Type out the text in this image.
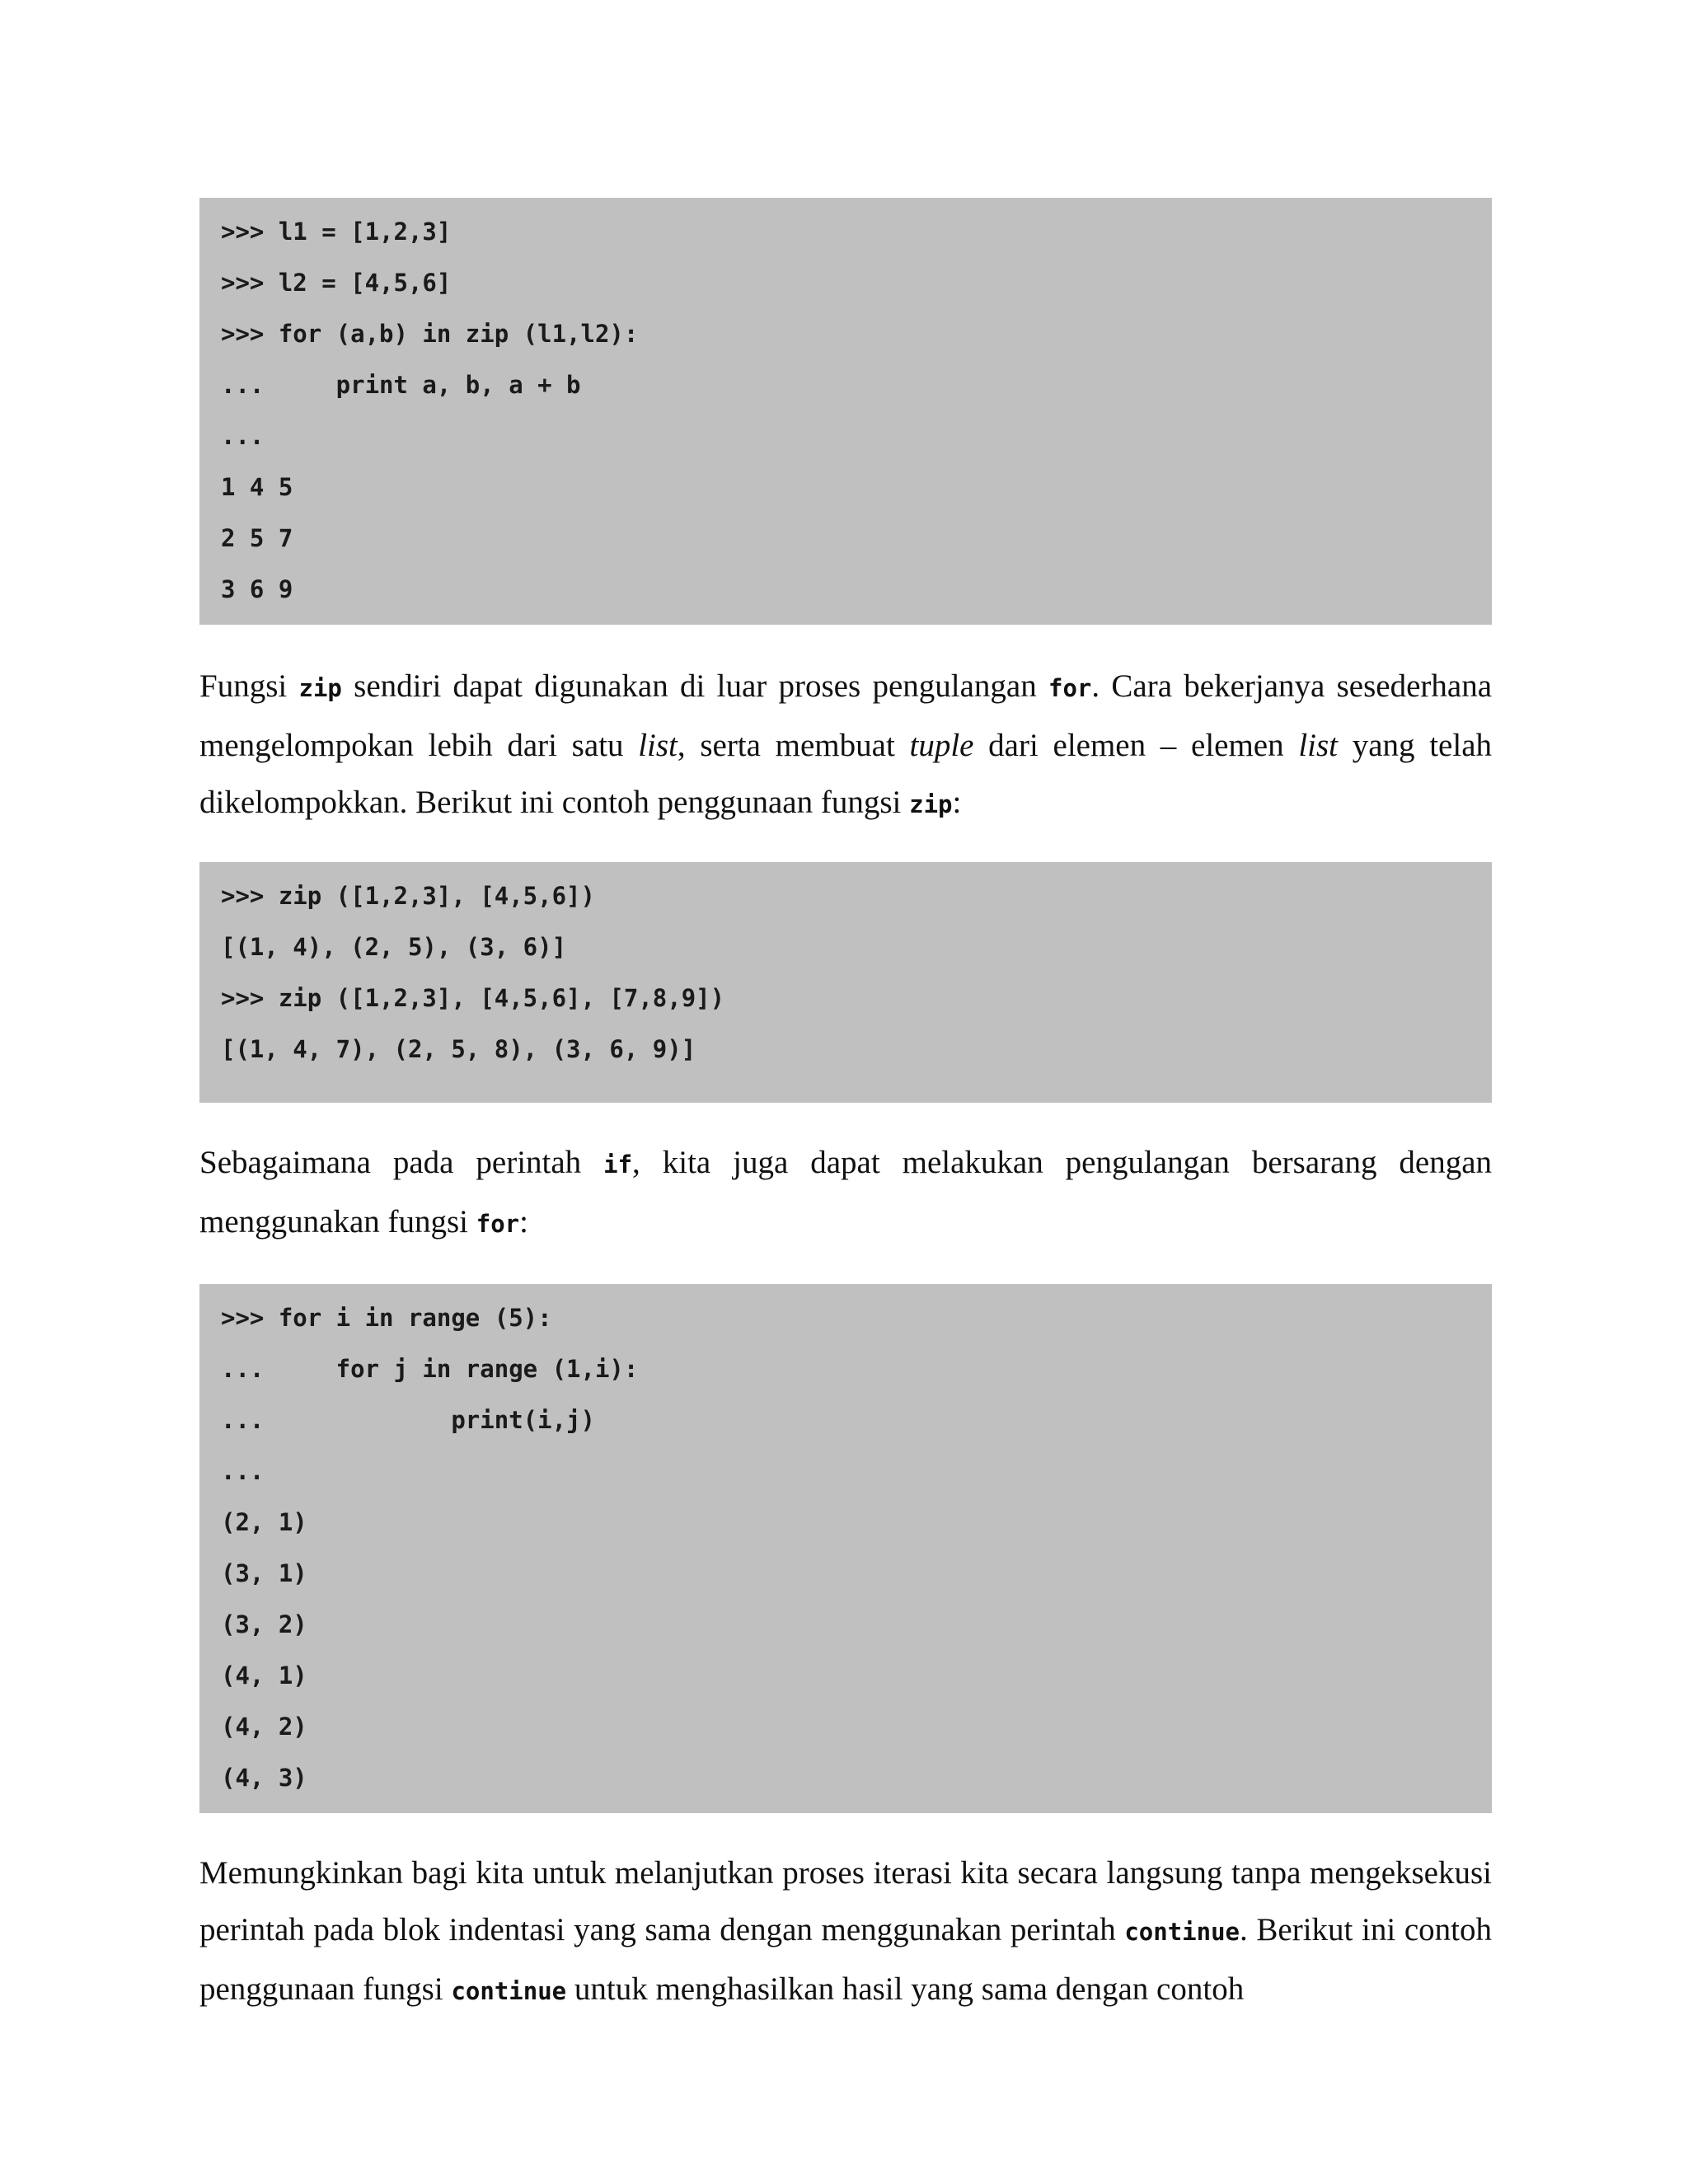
>>> l1 = [1,2,3]
>>> l2 = [4,5,6]
>>> for (a,b) in zip (l1,l2):
...     print a, b, a + b
...
1 4 5
2 5 7
3 6 9

Fungsi zip sendiri dapat digunakan di luar proses pengulangan for. Cara bekerjanya sesederhana mengelompokan lebih dari satu list, serta membuat tuple dari elemen – elemen list yang telah dikelompokkan. Berikut ini contoh penggunaan fungsi zip:

>>> zip ([1,2,3], [4,5,6])
[(1, 4), (2, 5), (3, 6)]
>>> zip ([1,2,3], [4,5,6], [7,8,9])
[(1, 4, 7), (2, 5, 8), (3, 6, 9)]

Sebagaimana pada perintah if, kita juga dapat melakukan pengulangan bersarang dengan menggunakan fungsi for:

>>> for i in range (5):
...     for j in range (1,i):
...             print(i,j)
...
(2, 1)
(3, 1)
(3, 2)
(4, 1)
(4, 2)
(4, 3)

Memungkinkan bagi kita untuk melanjutkan proses iterasi kita secara langsung tanpa mengeksekusi perintah pada blok indentasi yang sama dengan menggunakan perintah continue. Berikut ini contoh penggunaan fungsi continue untuk menghasilkan hasil yang sama dengan contoh
